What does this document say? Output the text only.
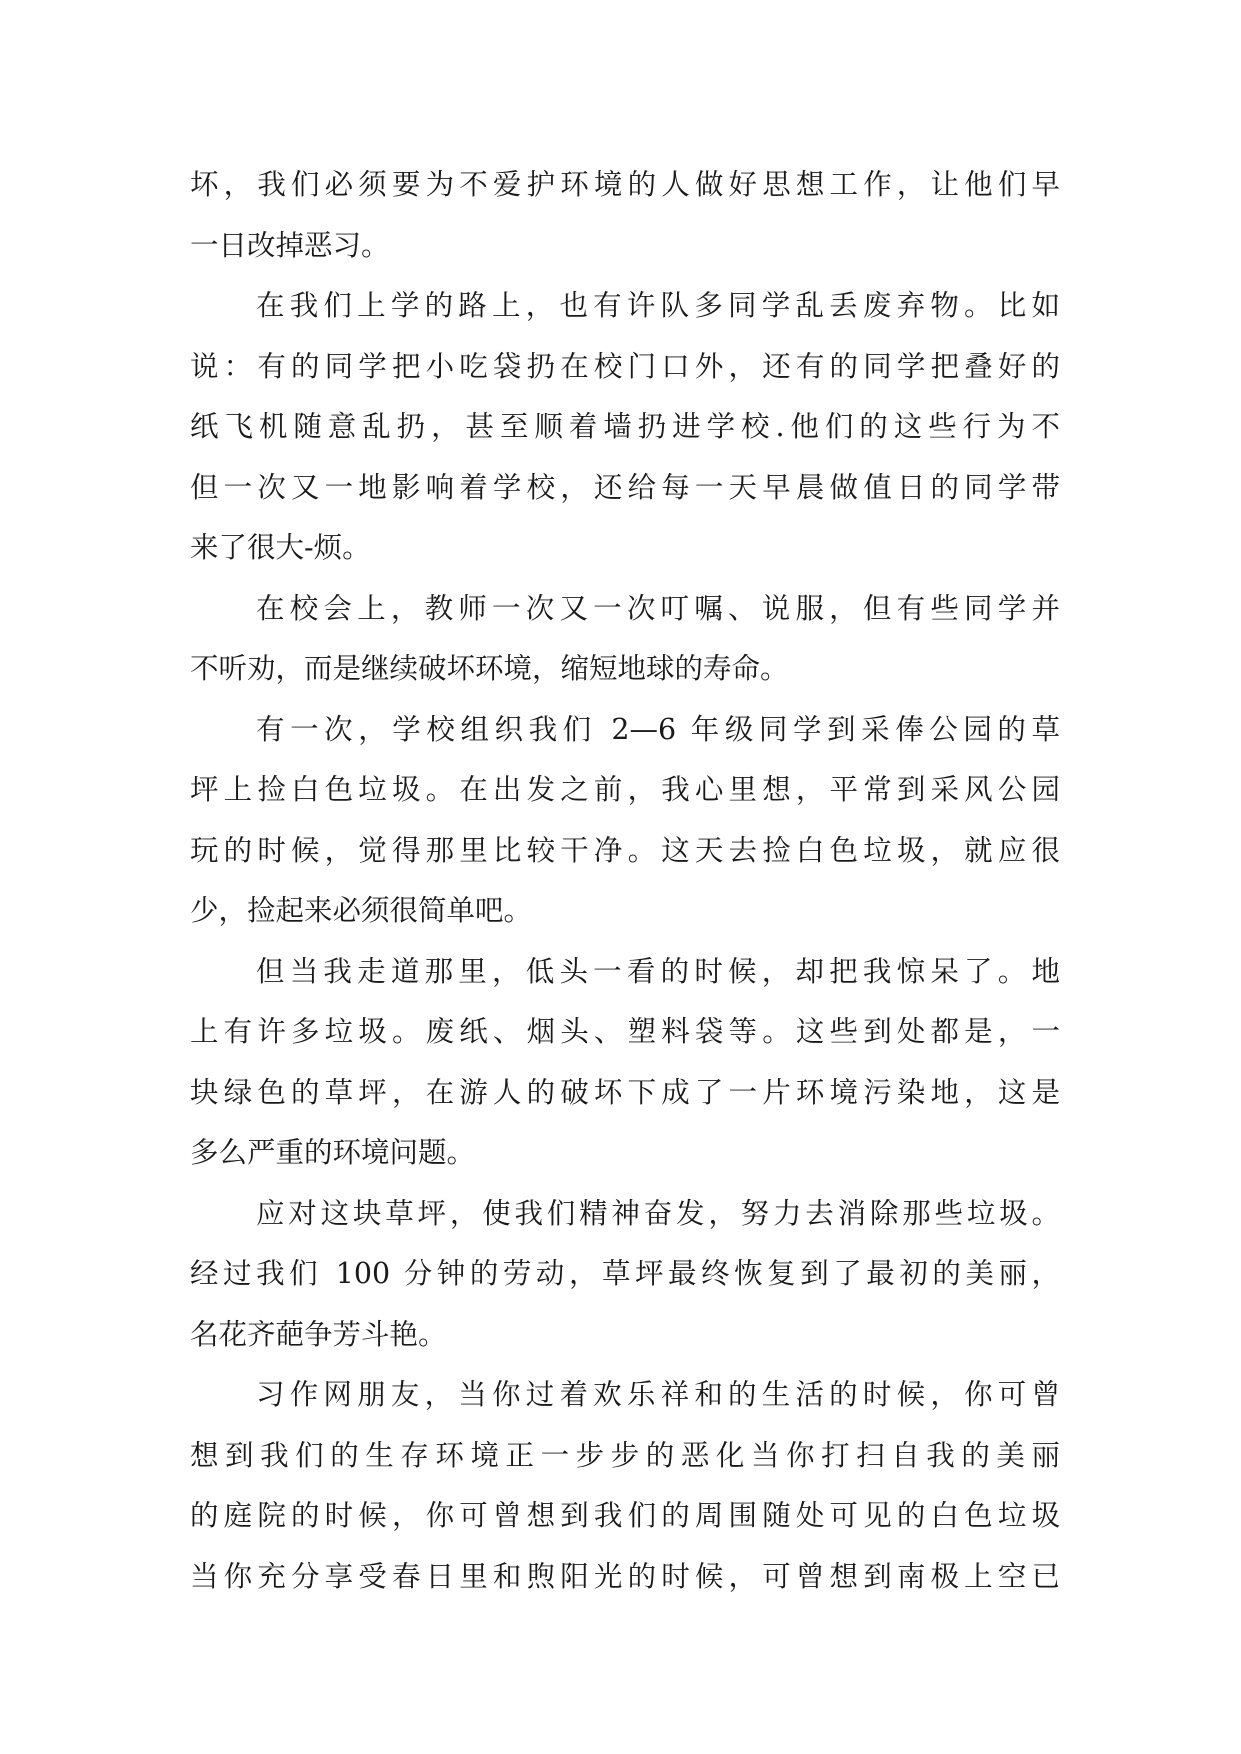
坏，我们必须要为不爱护环境的人做好思想工作，让他们早
一日改掉恶习。
在我们上学的路上，也有许队多同学乱丢废弃物。比如
说：有的同学把小吃袋扔在校门口外，还有的同学把叠好的
纸飞机随意乱扔，甚至顺着墙扔进学校.他们的这些行为不
但一次又一地影响着学校，还给每一天早晨做值日的同学带
来了很大-烦。
在校会上，教师一次又一次叮嘱、说服，但有些同学并
不听劝，而是继续破坏环境，缩短地球的寿命。
有一次，学校组织我们 2—6 年级同学到采俸公园的草
坪上捡白色垃圾。在出发之前，我心里想，平常到采风公园
玩的时候，觉得那里比较干净。这天去捡白色垃圾，就应很
少，捡起来必须很简单吧。
但当我走道那里，低头一看的时候，却把我惊呆了。地
上有许多垃圾。废纸、烟头、塑料袋等。这些到处都是，一
块绿色的草坪，在游人的破坏下成了一片环境污染地，这是
多么严重的环境问题。
应对这块草坪，使我们精神奋发，努力去消除那些垃圾。
经过我们 100 分钟的劳动，草坪最终恢复到了最初的美丽，
名花齐葩争芳斗艳。
习作网朋友，当你过着欢乐祥和的生活的时候，你可曾
想到我们的生存环境正一步步的恶化当你打扫自我的美丽
的庭院的时候，你可曾想到我们的周围随处可见的白色垃圾
当你充分享受春日里和煦阳光的时候，可曾想到南极上空已
